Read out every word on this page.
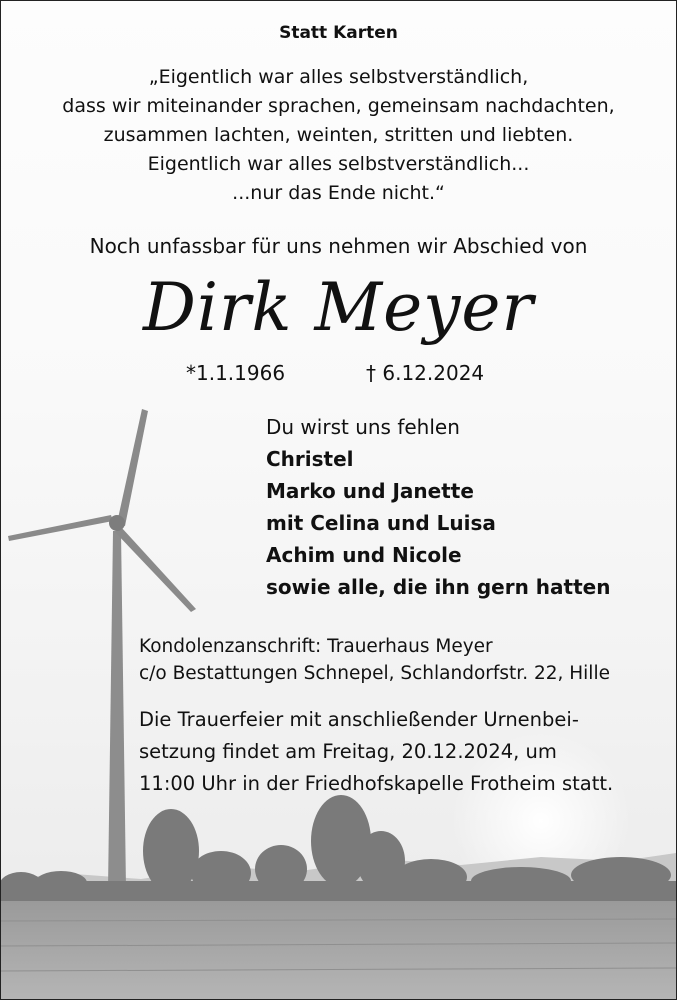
Statt Karten

„Eigentlich war alles selbstverständlich,
dass wir miteinander sprachen, gemeinsam nachdachten,
zusammen lachten, weinten, stritten und liebten.
Eigentlich war alles selbstverständlich...
...nur das Ende nicht.“

Noch unfassbar für uns nehmen wir Abschied von

Dirk Meyer

*1.1.1966	† 6.12.2024

Du wirst uns fehlen
Christel
Marko und Janette
mit Celina und Luisa
Achim und Nicole
sowie alle, die ihn gern hatten
Kondolenzanschrift: Trauerhaus Meyer
c/o Bestattungen Schnepel, Schlandorfstr. 22, Hille
Die Trauerfeier mit anschließender Urnenbei-
setzung findet am Freitag, 20.12.2024, um
11:00 Uhr in der Friedhofskapelle Frotheim statt.
